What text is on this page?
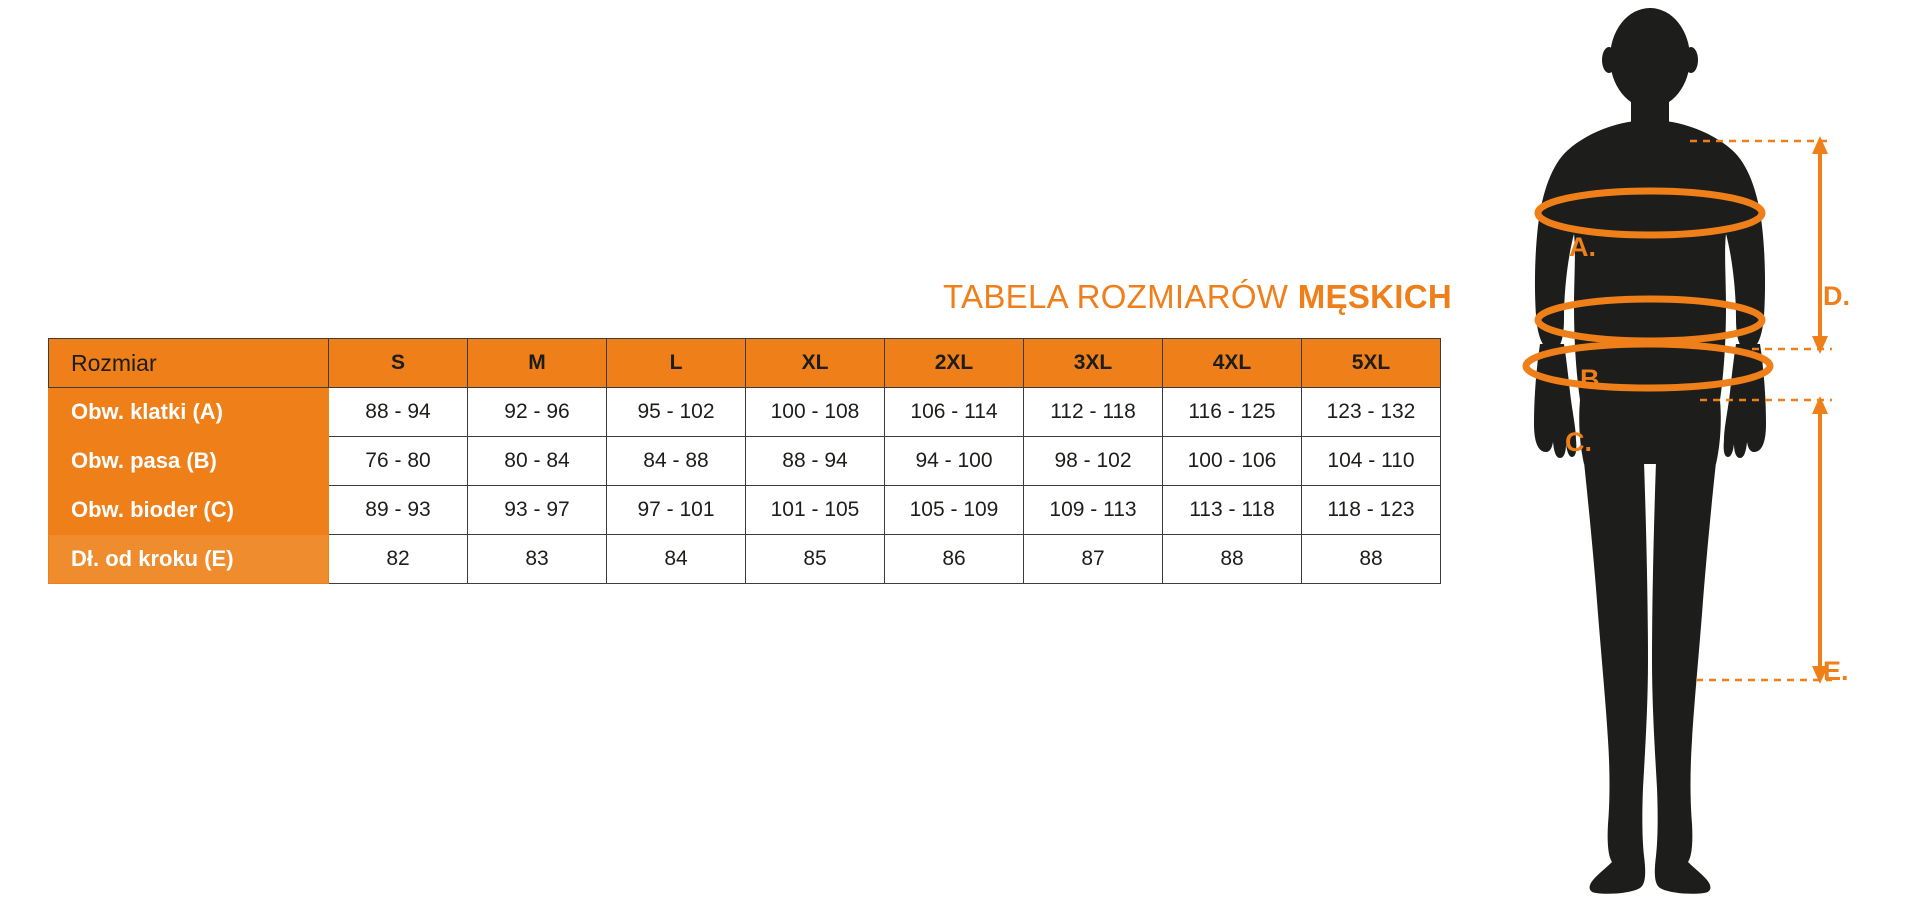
TABELA ROZMIARÓW MĘSKICH
Rozmiar	S	M	L	XL	2XL	3XL	4XL	5XL
Obw. klatki (A)	88 - 94	92 - 96	95 - 102	100 - 108	106 - 114	112 - 118	116 - 125	123 - 132
Obw. pasa (B)	76 - 80	80 - 84	84 - 88	88 - 94	94 - 100	98 - 102	100 - 106	104 - 110
Obw. bioder (C)	89 - 93	93 - 97	97 - 101	101 - 105	105 - 109	109 - 113	113 - 118	118 - 123
Dł. od kroku (E)	82	83	84	85	86	87	88	88
A.
B.
C.
D.
E.
